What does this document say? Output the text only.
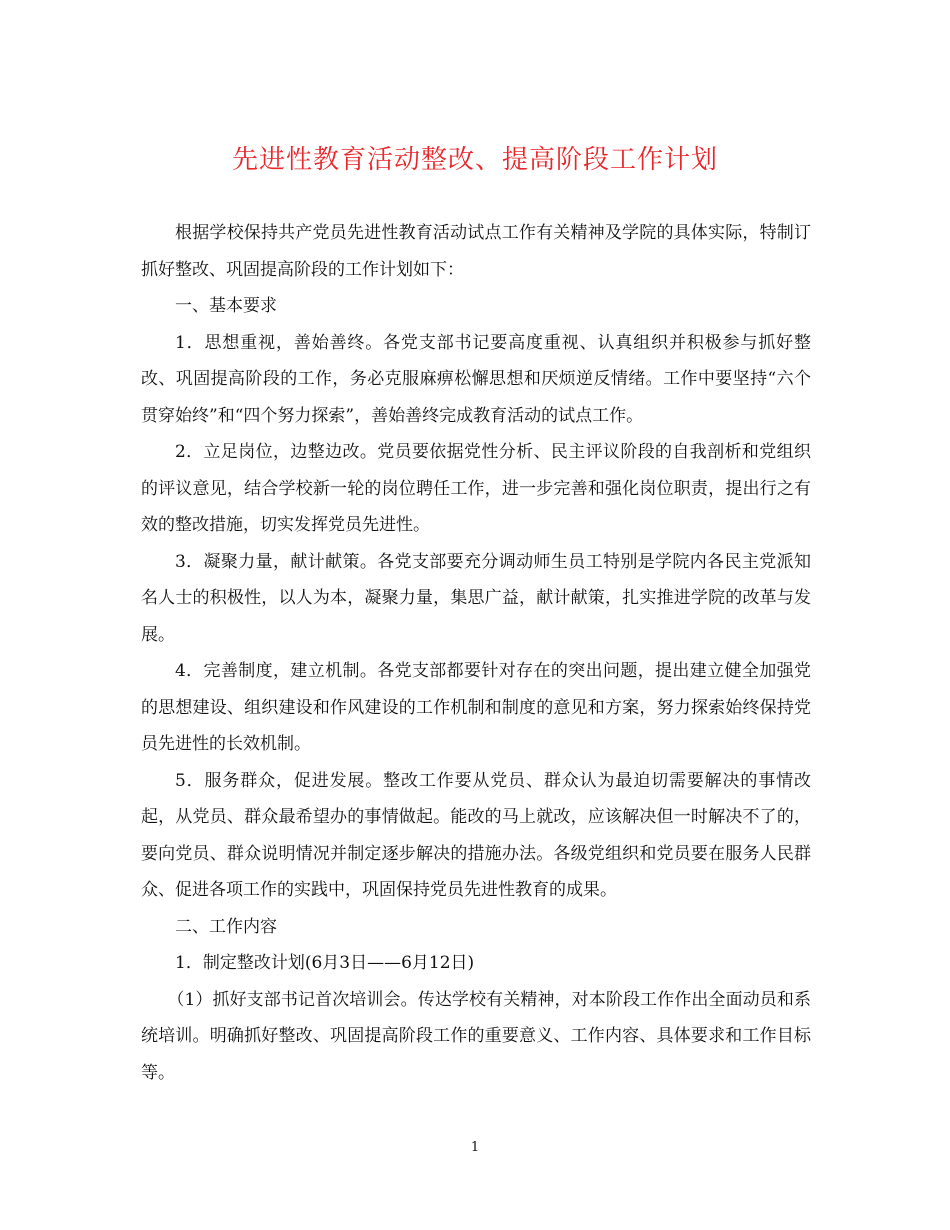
先进性教育活动整改、提高阶段工作计划

根据学校保持共产党员先进性教育活动试点工作有关精神及学院的具体实际，特制订抓好整改、巩固提高阶段的工作计划如下：

一、基本要求

1．思想重视，善始善终。各党支部书记要高度重视、认真组织并积极参与抓好整改、巩固提高阶段的工作，务必克服麻痹松懈思想和厌烦逆反情绪。工作中要坚持“六个贯穿始终”和“四个努力探索”，善始善终完成教育活动的试点工作。

2．立足岗位，边整边改。党员要依据党性分析、民主评议阶段的自我剖析和党组织的评议意见，结合学校新一轮的岗位聘任工作，进一步完善和强化岗位职责，提出行之有效的整改措施，切实发挥党员先进性。

3．凝聚力量，献计献策。各党支部要充分调动师生员工特别是学院内各民主党派知名人士的积极性，以人为本，凝聚力量，集思广益，献计献策，扎实推进学院的改革与发展。

4．完善制度，建立机制。各党支部都要针对存在的突出问题，提出建立健全加强党的思想建设、组织建设和作风建设的工作机制和制度的意见和方案，努力探索始终保持党员先进性的长效机制。

5．服务群众，促进发展。整改工作要从党员、群众认为最迫切需要解决的事情改起，从党员、群众最希望办的事情做起。能改的马上就改，应该解决但一时解决不了的，要向党员、群众说明情况并制定逐步解决的措施办法。各级党组织和党员要在服务人民群众、促进各项工作的实践中，巩固保持党员先进性教育的成果。

二、工作内容

1．制定整改计划(6月3日——6月12日)

（1）抓好支部书记首次培训会。传达学校有关精神，对本阶段工作作出全面动员和系统培训。明确抓好整改、巩固提高阶段工作的重要意义、工作内容、具体要求和工作目标等。

1
